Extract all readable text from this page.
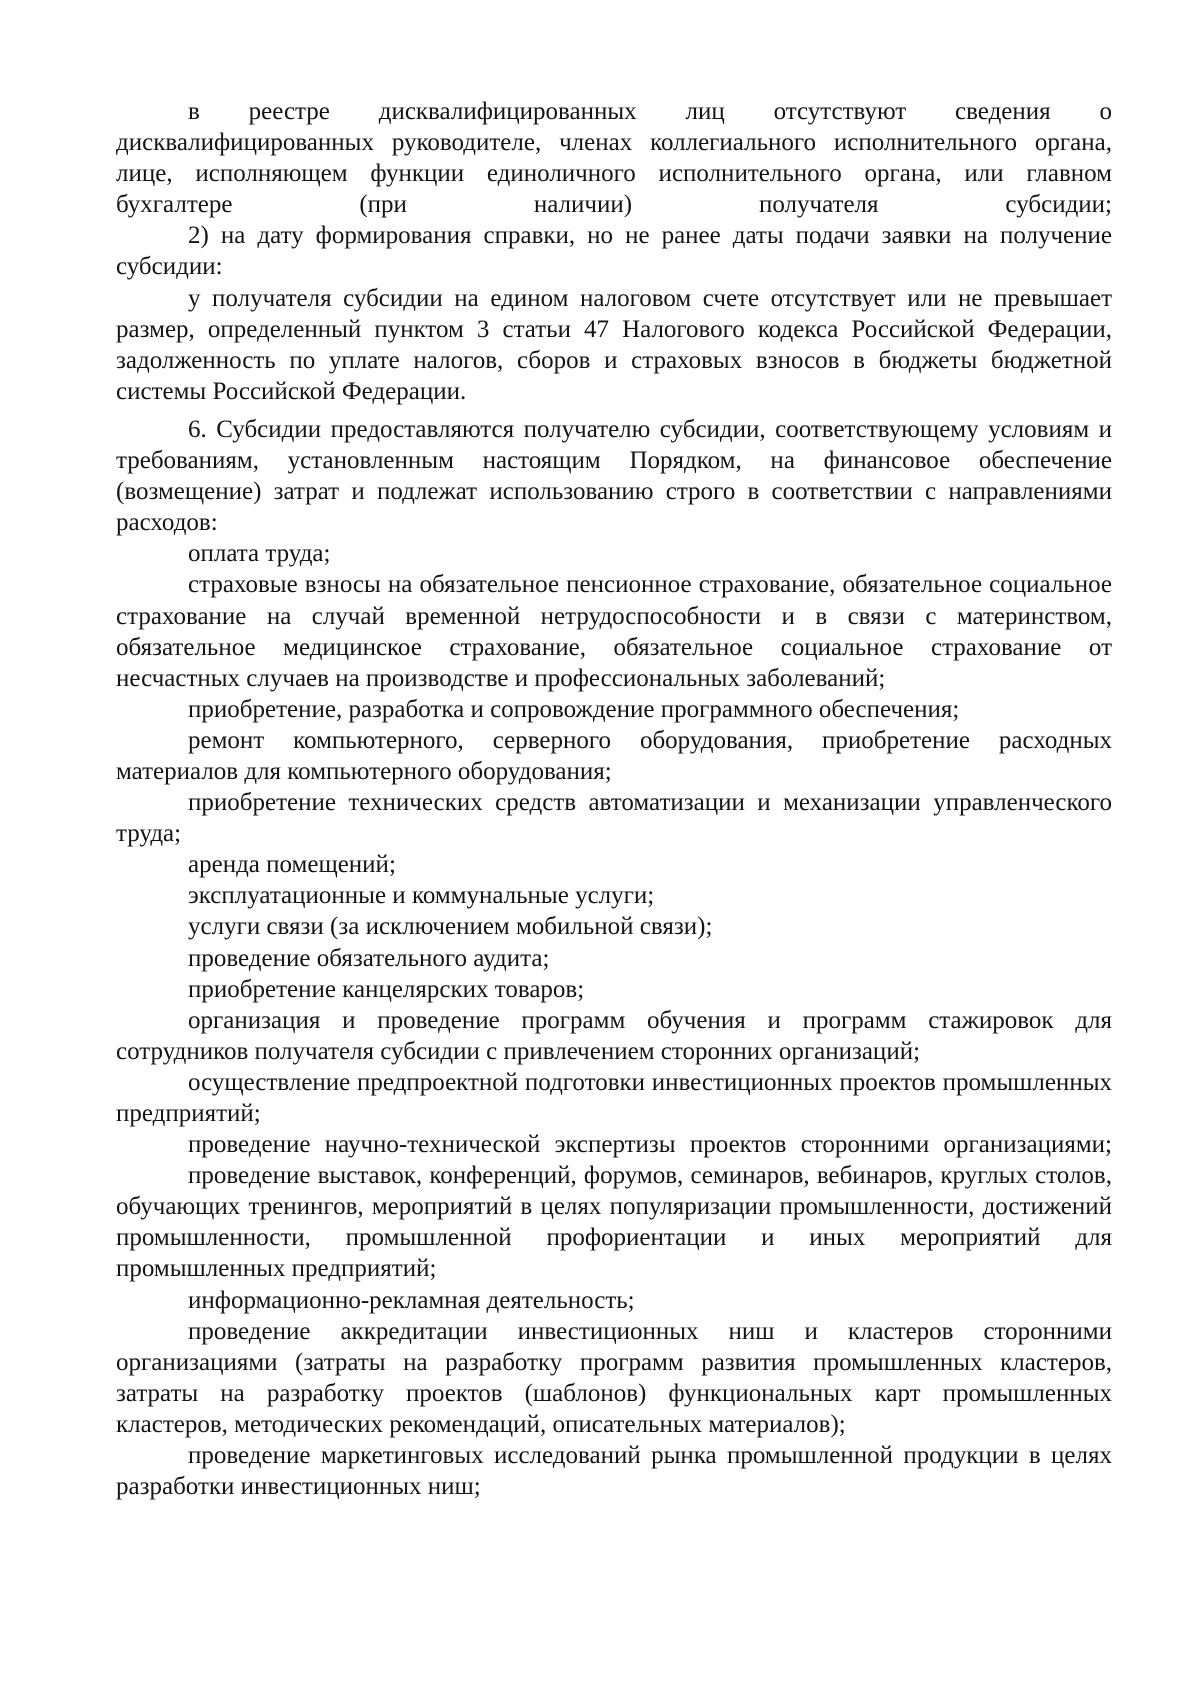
в реестре дисквалифицированных лиц отсутствуют сведения о дисквалифицированных руководителе, членах коллегиального исполнительного органа, лице, исполняющем функции единоличного исполнительного органа, или главном бухгалтере (при наличии) получателя субсидии;

2) на дату формирования справки, но не ранее даты подачи заявки на получение субсидии:

у получателя субсидии на едином налоговом счете отсутствует или не превышает размер, определенный пунктом 3 статьи 47 Налогового кодекса Российской Федерации, задолженность по уплате налогов, сборов и страховых взносов в бюджеты бюджетной системы Российской Федерации.

6. Субсидии предоставляются получателю субсидии, соответствующему условиям и требованиям, установленным настоящим Порядком, на финансовое обеспечение (возмещение) затрат и подлежат использованию строго в соответствии с направлениями расходов:

оплата труда;

страховые взносы на обязательное пенсионное страхование, обязательное социальное страхование на случай временной нетрудоспособности и в связи с материнством, обязательное медицинское страхование, обязательное социальное страхование от несчастных случаев на производстве и профессиональных заболеваний;

приобретение, разработка и сопровождение программного обеспечения;

ремонт компьютерного, серверного оборудования, приобретение расходных материалов для компьютерного оборудования;

приобретение технических средств автоматизации и механизации управленческого труда;

аренда помещений;

эксплуатационные и коммунальные услуги;

услуги связи (за исключением мобильной связи);

проведение обязательного аудита;

приобретение канцелярских товаров;

организация и проведение программ обучения и программ стажировок для сотрудников получателя субсидии с привлечением сторонних организаций;

осуществление предпроектной подготовки инвестиционных проектов промышленных предприятий;

проведение научно-технической экспертизы проектов сторонними организациями;

проведение выставок, конференций, форумов, семинаров, вебинаров, круглых столов, обучающих тренингов, мероприятий в целях популяризации промышленности, достижений промышленности, промышленной профориентации и иных мероприятий для промышленных предприятий;

информационно-рекламная деятельность;

проведение аккредитации инвестиционных ниш и кластеров сторонними организациями (затраты на разработку программ развития промышленных кластеров, затраты на разработку проектов (шаблонов) функциональных карт промышленных кластеров, методических рекомендаций, описательных материалов);

проведение маркетинговых исследований рынка промышленной продукции в целях разработки инвестиционных ниш;
